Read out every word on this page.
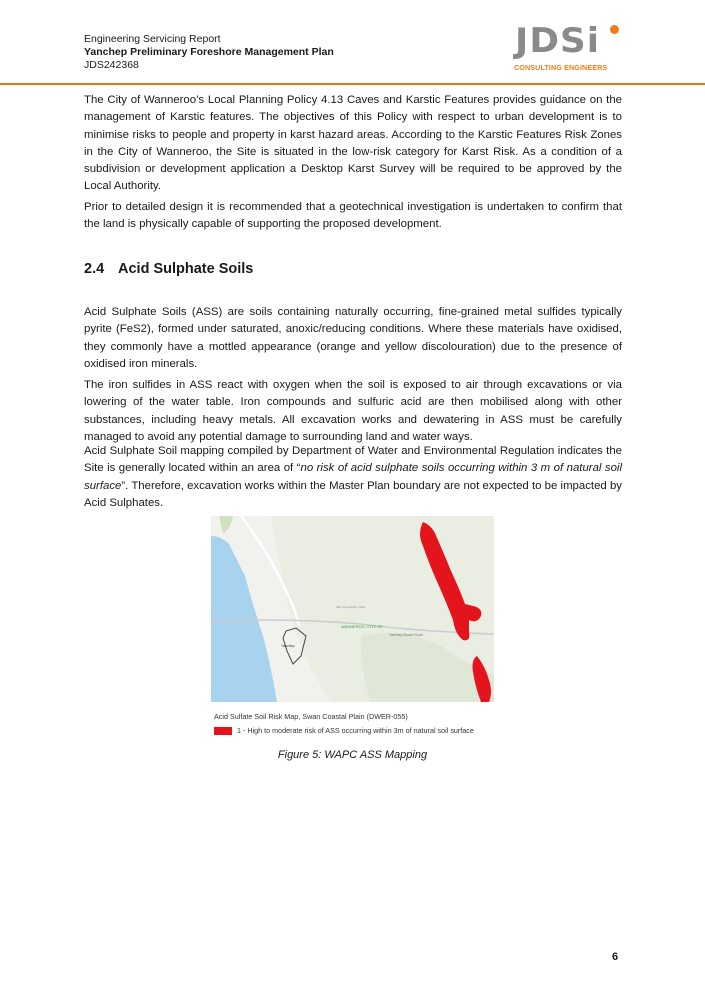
Engineering Servicing Report
Yanchep Preliminary Foreshore Management Plan
JDS242368
JDSi
CONSULTING ENGINEERS

The City of Wanneroo’s Local Planning Policy 4.13 Caves and Karstic Features provides guidance on the management of Karstic features. The objectives of this Policy with respect to urban development is to minimise risks to people and property in karst hazard areas. According to the Karstic Features Risk Zones in the City of Wanneroo, the Site is situated in the low-risk category for Karst Risk. As a condition of a subdivision or development application a Desktop Karst Survey will be required to be approved by the Local Authority.

Prior to detailed design it is recommended that a geotechnical investigation is undertaken to confirm that the land is physically capable of supporting the proposed development.

2.4 Acid Sulphate Soils

Acid Sulphate Soils (ASS) are soils containing naturally occurring, fine-grained metal sulfides typically pyrite (FeS2), formed under saturated, anoxic/reducing conditions. Where these materials have oxidised, they commonly have a mottled appearance (orange and yellow discolouration) due to the presence of oxidised iron minerals.

The iron sulfides in ASS react with oxygen when the soil is exposed to air through excavations or via lowering of the water table. Iron compounds and sulfuric acid are then mobilised along with other substances, including heavy metals. All excavation works and dewatering in ASS must be carefully managed to avoid any potential damage to surrounding land and water ways.

Acid Sulphate Soil mapping compiled by Department of Water and Environmental Regulation indicates the Site is generally located within an area of “no risk of acid sulphate soils occurring within 3 m of natural soil surface”. Therefore, excavation works within the Master Plan boundary are not expected to be impacted by Acid Sulphates.

WANNEROO, CITY OF
Yanchep
Yanchep Beach Road
San Cty Country Club
Acid Sulfate Soil Risk Map, Swan Coastal Plain (DWER-055)
1 - High to moderate risk of ASS occurring within 3m of natural soil surface
Figure 5: WAPC ASS Mapping
6
